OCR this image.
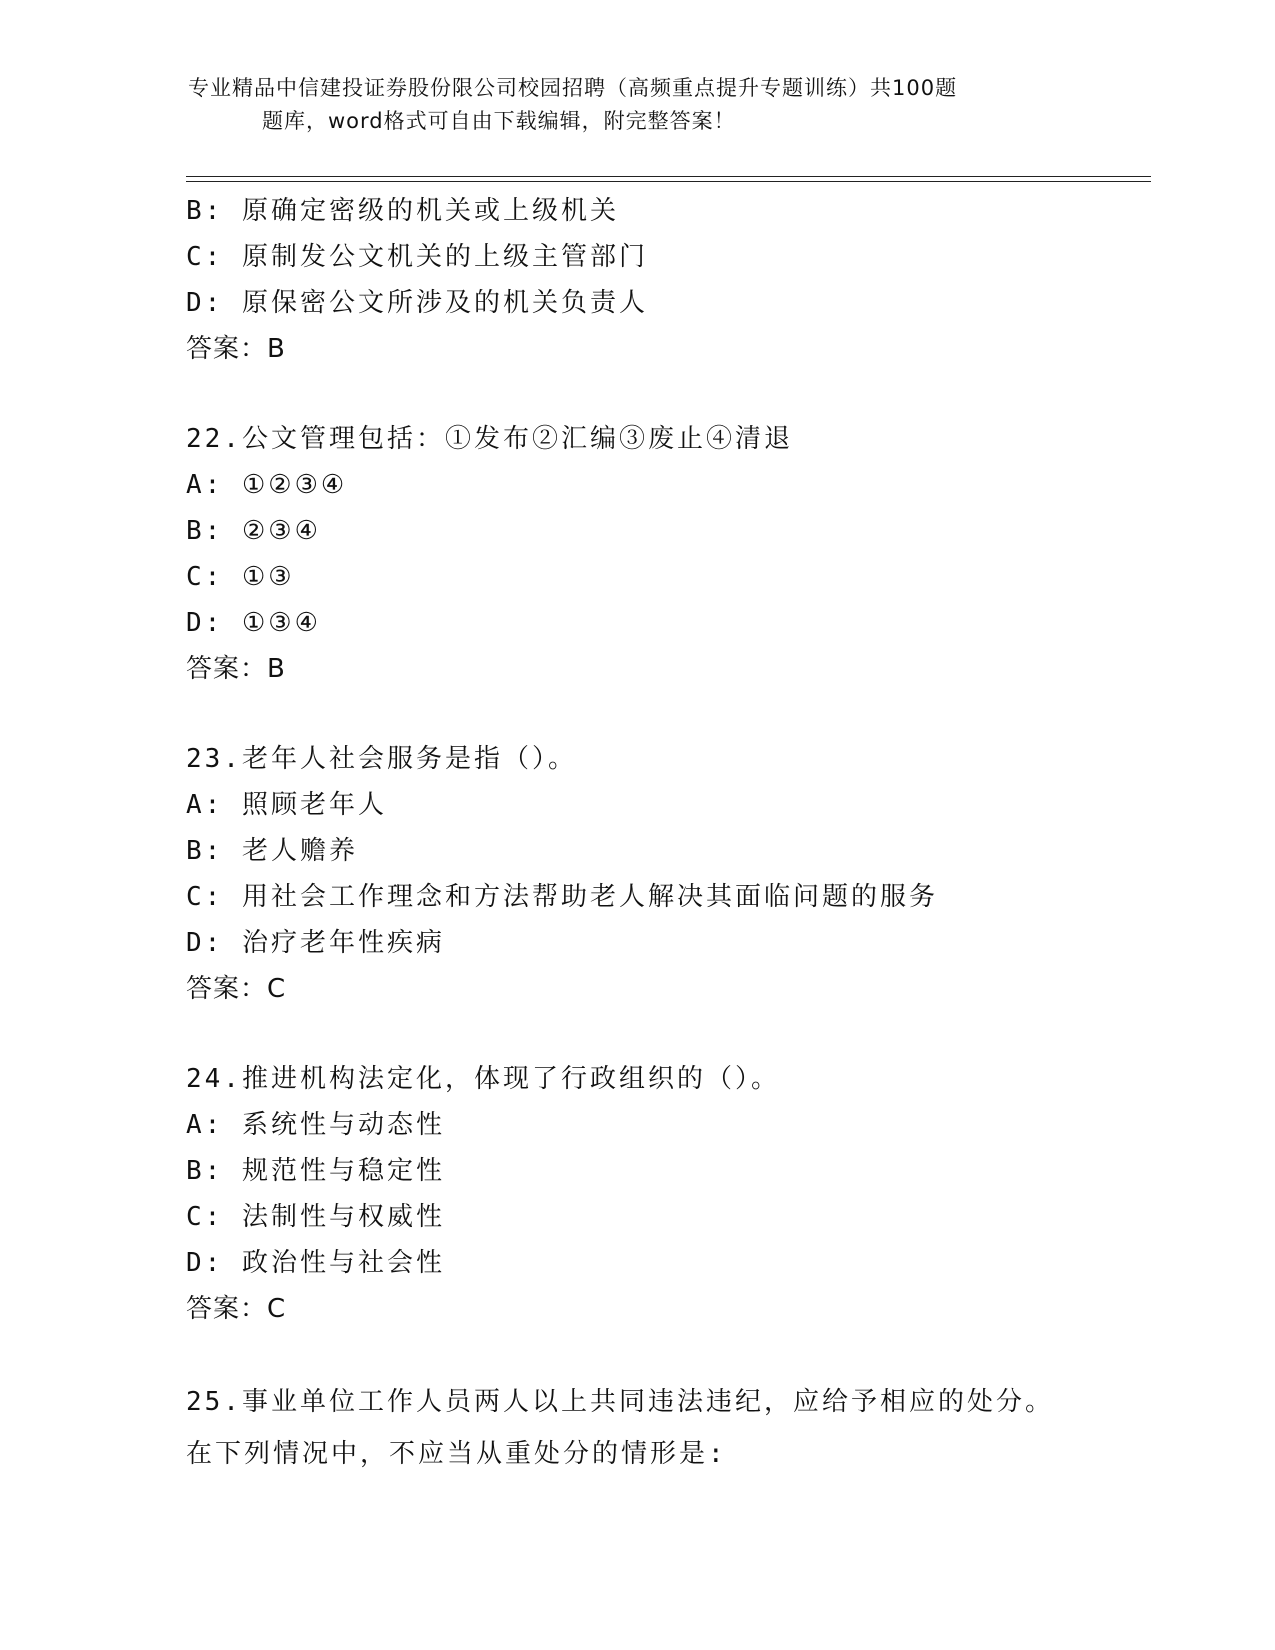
专业精品中信建投证券股份限公司校园招聘（高频重点提升专题训练）共100题
题库，word格式可自由下载编辑，附完整答案！
B: 原确定密级的机关或上级机关
C: 原制发公文机关的上级主管部门
D: 原保密公文所涉及的机关负责人
答案：B
22.公文管理包括：①发布②汇编③废止④清退
A: ①②③④
B: ②③④
C: ①③
D: ①③④
答案：B
23.老年人社会服务是指（）。
A: 照顾老年人
B: 老人赡养
C: 用社会工作理念和方法帮助老人解决其面临问题的服务
D: 治疗老年性疾病
答案：C
24.推进机构法定化，体现了行政组织的（）。
A: 系统性与动态性
B: 规范性与稳定性
C: 法制性与权威性
D: 政治性与社会性
答案：C
25.事业单位工作人员两人以上共同违法违纪，应给予相应的处分。在下列情况中，不应当从重处分的情形是:
